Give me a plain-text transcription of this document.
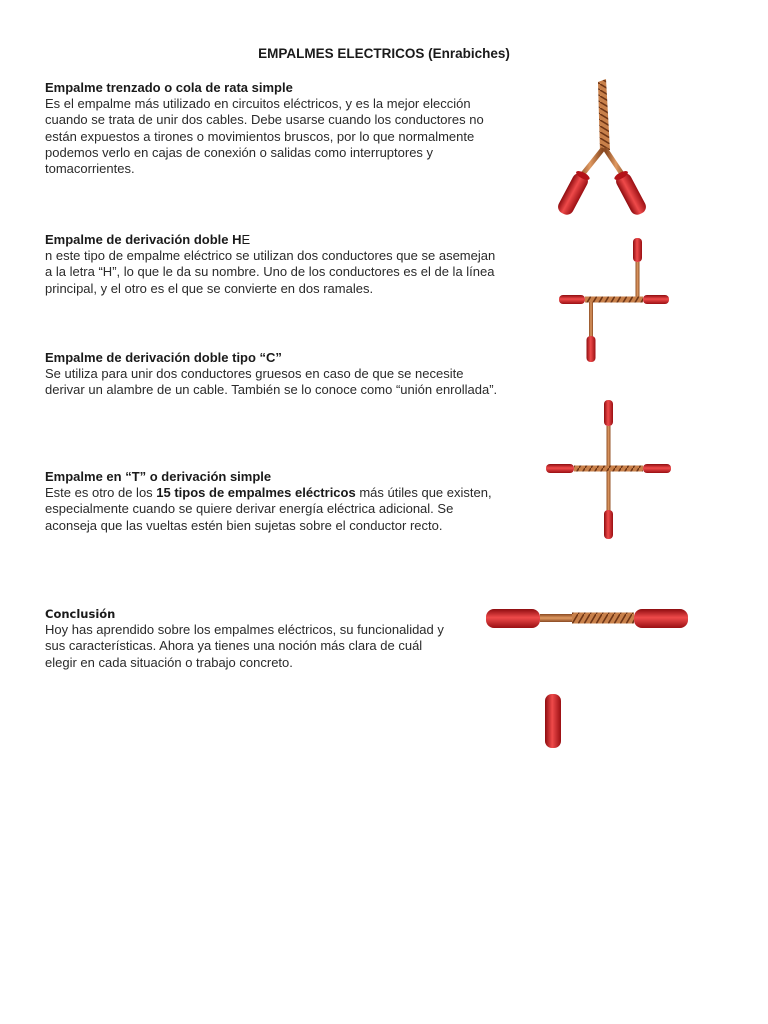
EMPALMES ELECTRICOS (Enrabiches)
Empalme trenzado o cola de rata simple

Es el empalme más utilizado en circuitos eléctricos, y es la mejor elección cuando se trata de unir dos cables. Debe usarse cuando los conductores no están expuestos a tirones o movimientos bruscos, por lo que normalmente podemos verlo en cajas de conexión o salidas como interruptores y tomacorrientes.

Empalme de derivación doble HE

n este tipo de empalme eléctrico se utilizan dos conductores que se asemejan a la letra “H”, lo que le da su nombre. Uno de los conductores es el de la línea principal, y el otro es el que se convierte en dos ramales.

Empalme de derivación doble tipo “C”

Se utiliza para unir dos conductores gruesos en caso de que se necesite derivar un alambre de un cable. También se lo conoce como “unión enrollada”.

Empalme en “T” o derivación simple

Este es otro de los 15 tipos de empalmes eléctricos más útiles que existen, especialmente cuando se quiere derivar energía eléctrica adicional. Se aconseja que las vueltas estén bien sujetas sobre el conductor recto.

Conclusión

Hoy has aprendido sobre los empalmes eléctricos, su funcionalidad y sus características. Ahora ya tienes una noción más clara de cuál elegir en cada situación o trabajo concreto.
